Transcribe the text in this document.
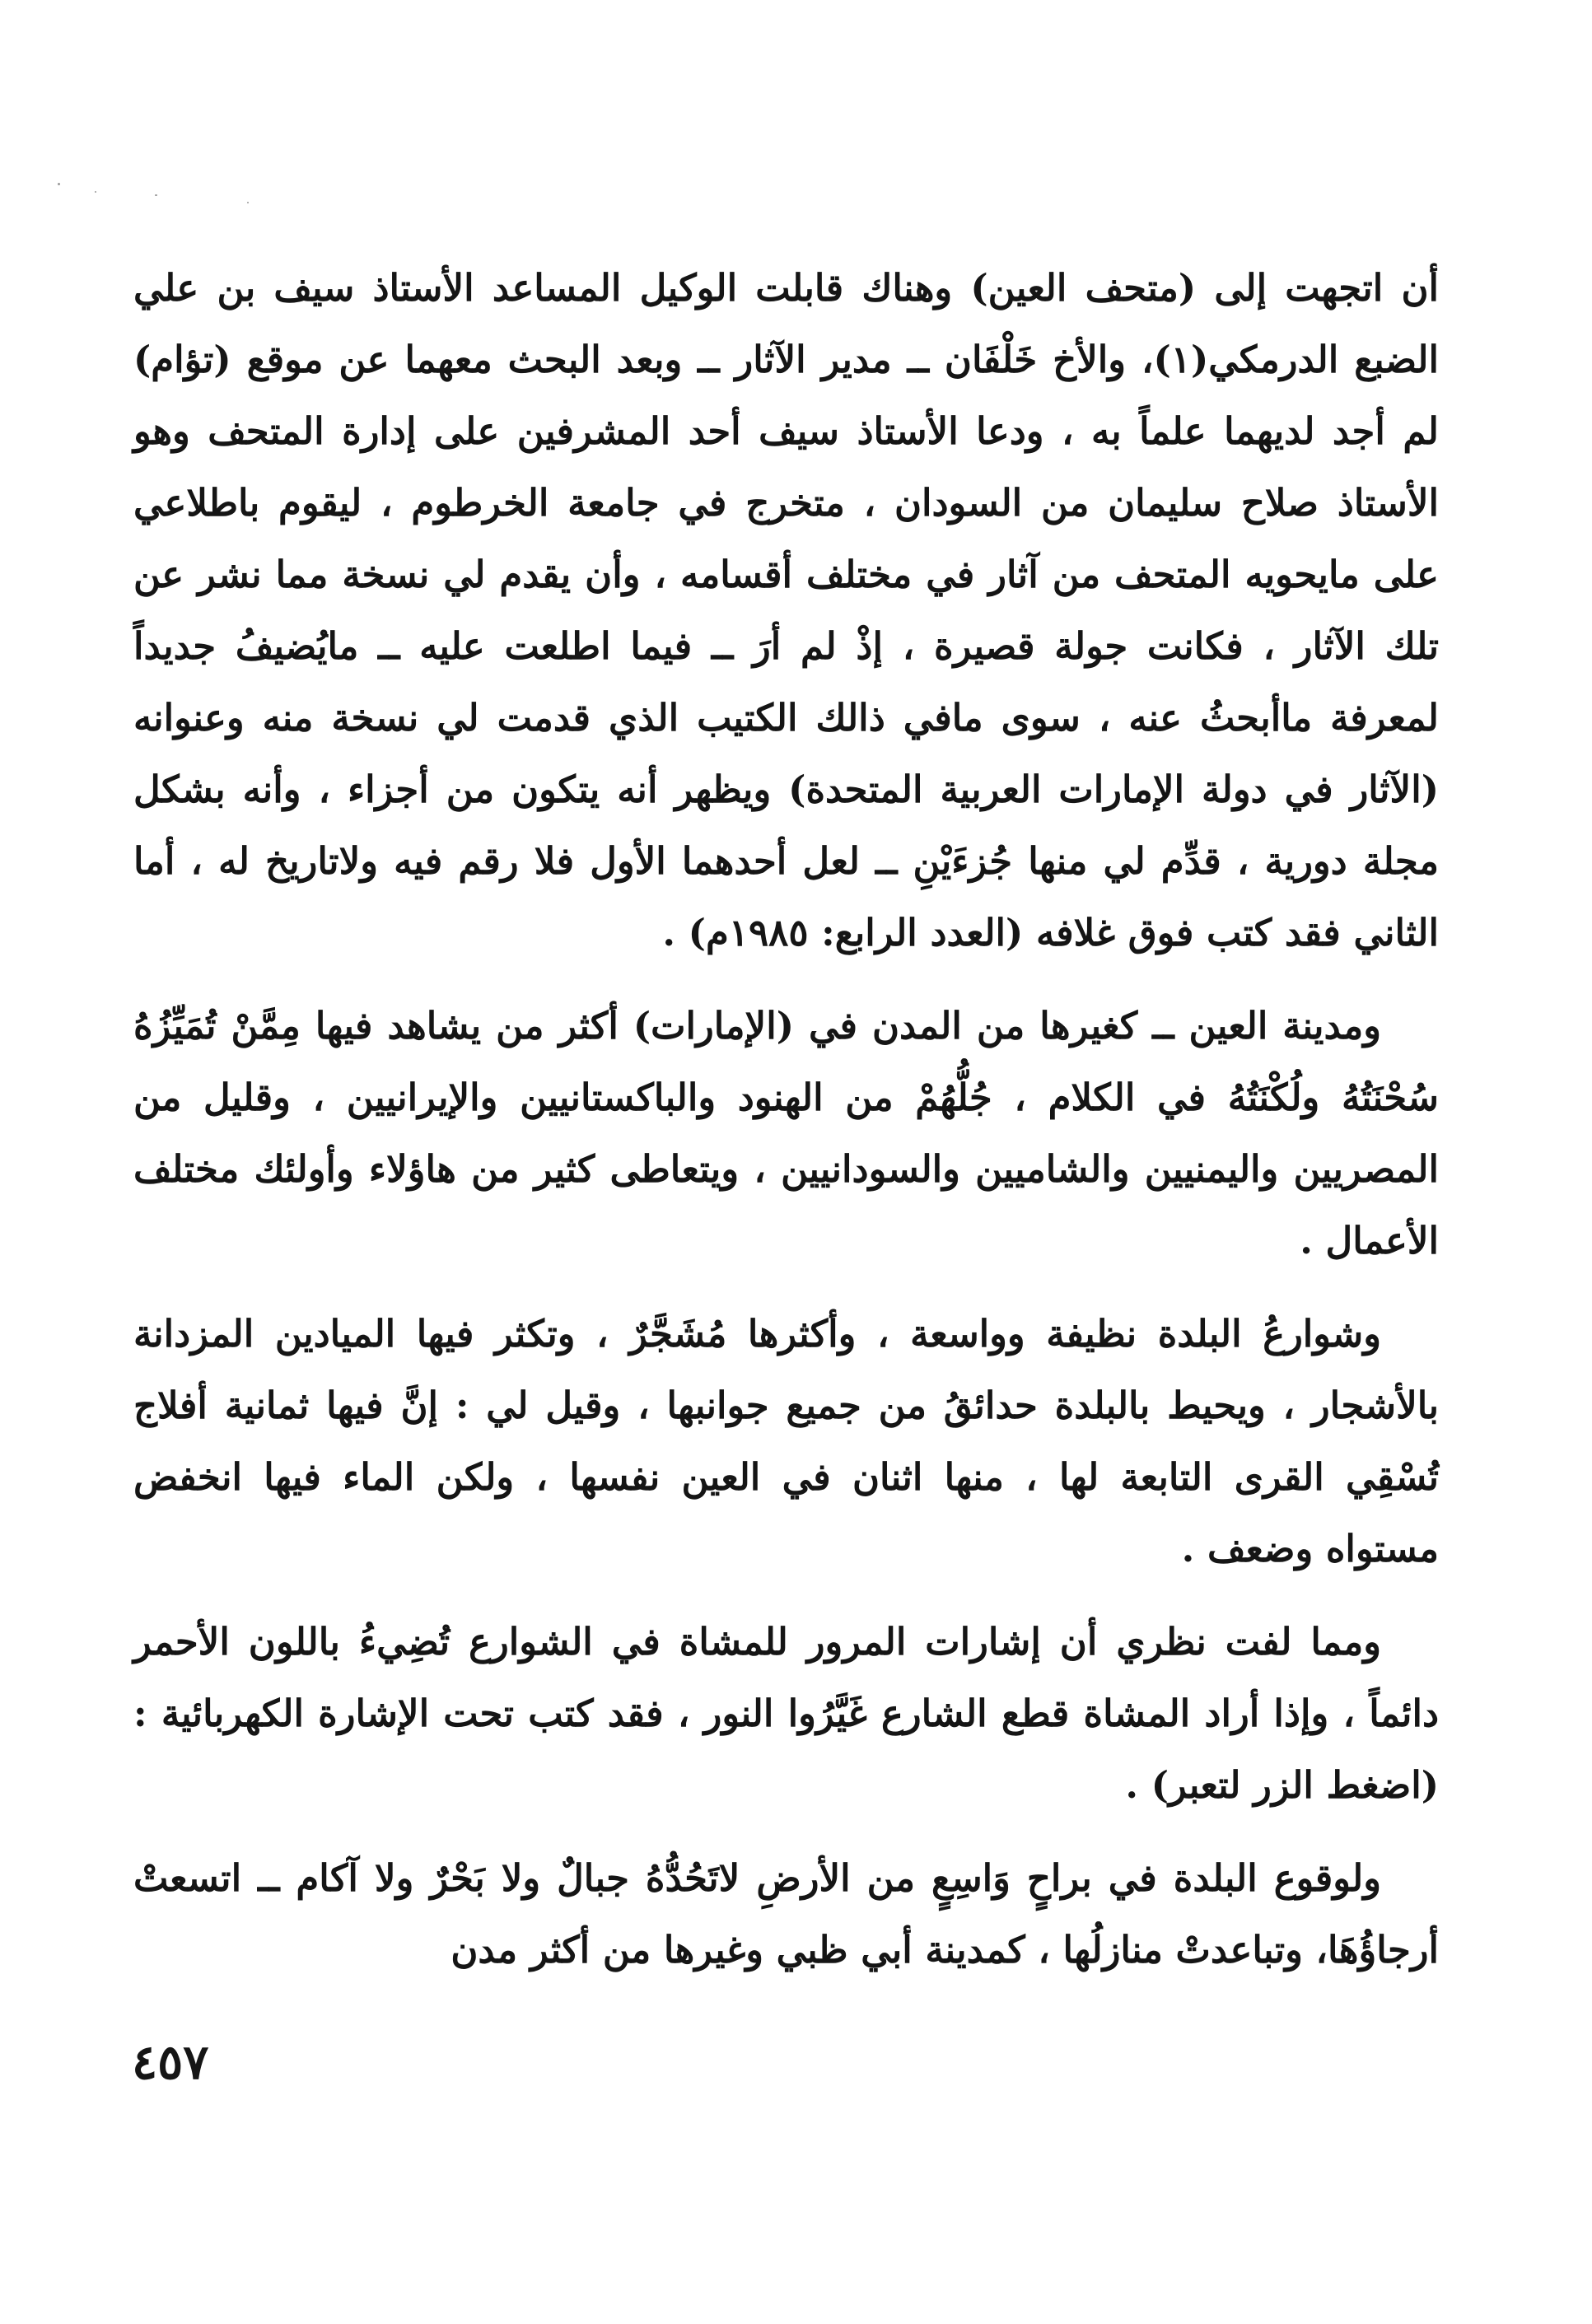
أن اتجهت إلى (متحف العين) وهناك قابلت الوكيل المساعد الأستاذ سيف بن علي الضبع الدرمكي(١)، والأخ خَلْفَان ــ مدير الآثار ــ وبعد البحث معهما عن موقع (تؤام) لم أجد لديهما علماً به ، ودعا الأستاذ سيف أحد المشرفين على إدارة المتحف وهو الأستاذ صلاح سليمان من السودان ، متخرج في جامعة الخرطوم ، ليقوم باطلاعي على مايحويه المتحف من آثار في مختلف أقسامه ، وأن يقدم لي نسخة مما نشر عن تلك الآثار ، فكانت جولة قصيرة ، إذْ لم أرَ ــ فيما اطلعت عليه ــ مايُضيفُ جديداً لمعرفة ماأبحثُ عنه ، سوى مافي ذالك الكتيب الذي قدمت لي نسخة منه وعنوانه (الآثار في دولة الإمارات العربية المتحدة) ويظهر أنه يتكون من أجزاء ، وأنه بشكل مجلة دورية ، قدِّم لي منها جُزءَيْنِ ــ لعل أحدهما الأول فلا رقم فيه ولاتاريخ له ، أما الثاني فقد كتب فوق غلافه (العدد الرابع: ١٩٨٥م) .

ومدينة العين ــ كغيرها من المدن في (الإمارات) أكثر من يشاهد فيها مِمَّنْ تُمَيِّزُهُ سُحْنَتُهُ ولُكْنَتُهُ في الكلام ، جُلُّهُمْ من الهنود والباكستانيين والإيرانيين ، وقليل من المصريين واليمنيين والشاميين والسودانيين ، ويتعاطى كثير من هاؤلاء وأولئك مختلف الأعمال .

وشوارعُ البلدة نظيفة وواسعة ، وأكثرها مُشَجَّرٌ ، وتكثر فيها الميادين المزدانة بالأشجار ، ويحيط بالبلدة حدائقُ من جميع جوانبها ، وقيل لي : إنَّ فيها ثمانية أفلاج تُسْقِي القرى التابعة لها ، منها اثنان في العين نفسها ، ولكن الماء فيها انخفض مستواه وضعف .

ومما لفت نظري أن إشارات المرور للمشاة في الشوارع تُضِيءُ باللون الأحمر دائماً ، وإذا أراد المشاة قطع الشارع غَيَّرُوا النور ، فقد كتب تحت الإشارة الكهربائية : (اضغط الزر لتعبر) .

ولوقوع البلدة في براحٍ وَاسِعٍ من الأرضِ لاتَحُدُّهُ جبالٌ ولا بَحْرٌ ولا آكام ــ اتسعتْ أرجاؤُهَا، وتباعدتْ منازلُها ، كمدينة أبي ظبي وغيرها من أكثر مدن

٤٥٧
